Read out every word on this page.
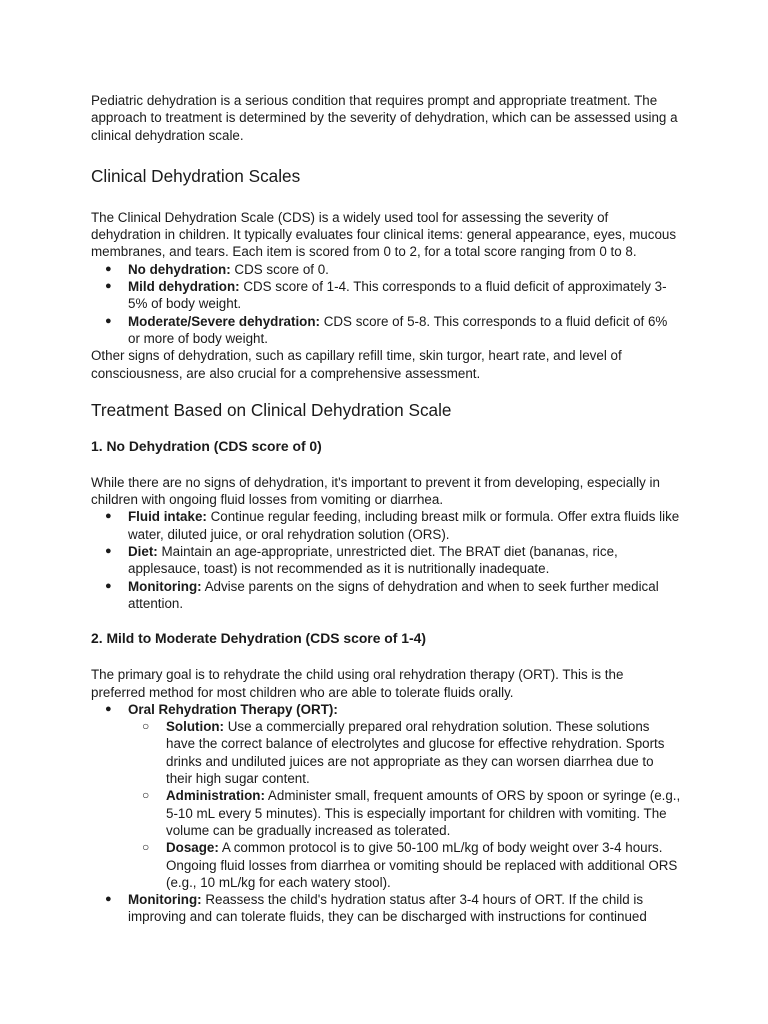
Pediatric dehydration is a serious condition that requires prompt and appropriate treatment. The approach to treatment is determined by the severity of dehydration, which can be assessed using a clinical dehydration scale.

Clinical Dehydration Scales

The Clinical Dehydration Scale (CDS) is a widely used tool for assessing the severity of dehydration in children. It typically evaluates four clinical items: general appearance, eyes, mucous membranes, and tears. Each item is scored from 0 to 2, for a total score ranging from 0 to 8.

● No dehydration: CDS score of 0.
● Mild dehydration: CDS score of 1-4. This corresponds to a fluid deficit of approximately 3-5% of body weight.
● Moderate/Severe dehydration: CDS score of 5-8. This corresponds to a fluid deficit of 6% or more of body weight.

Other signs of dehydration, such as capillary refill time, skin turgor, heart rate, and level of consciousness, are also crucial for a comprehensive assessment.

Treatment Based on Clinical Dehydration Scale
1. No Dehydration (CDS score of 0)

While there are no signs of dehydration, it's important to prevent it from developing, especially in children with ongoing fluid losses from vomiting or diarrhea.

● Fluid intake: Continue regular feeding, including breast milk or formula. Offer extra fluids like water, diluted juice, or oral rehydration solution (ORS).
● Diet: Maintain an age-appropriate, unrestricted diet. The BRAT diet (bananas, rice, applesauce, toast) is not recommended as it is nutritionally inadequate.
● Monitoring: Advise parents on the signs of dehydration and when to seek further medical attention.
2. Mild to Moderate Dehydration (CDS score of 1-4)

The primary goal is to rehydrate the child using oral rehydration therapy (ORT). This is the preferred method for most children who are able to tolerate fluids orally.

● Oral Rehydration Therapy (ORT):
○ Solution: Use a commercially prepared oral rehydration solution. These solutions have the correct balance of electrolytes and glucose for effective rehydration. Sports drinks and undiluted juices are not appropriate as they can worsen diarrhea due to their high sugar content.
○ Administration: Administer small, frequent amounts of ORS by spoon or syringe (e.g., 5-10 mL every 5 minutes). This is especially important for children with vomiting. The volume can be gradually increased as tolerated.
○ Dosage: A common protocol is to give 50-100 mL/kg of body weight over 3-4 hours. Ongoing fluid losses from diarrhea or vomiting should be replaced with additional ORS (e.g., 10 mL/kg for each watery stool).
● Monitoring: Reassess the child's hydration status after 3-4 hours of ORT. If the child is improving and can tolerate fluids, they can be discharged with instructions for continued
